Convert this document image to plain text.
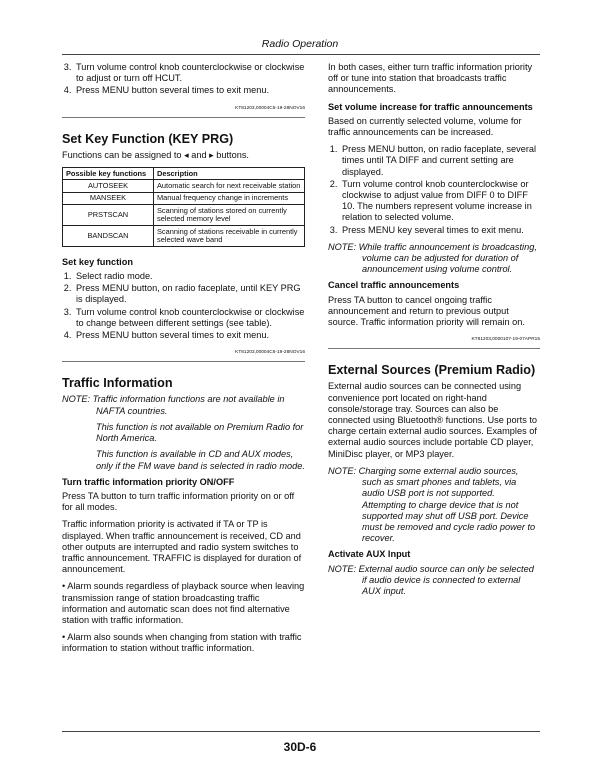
Radio Operation
3. Turn volume control knob counterclockwise or clockwise to adjust or turn off HCUT.
4. Press MENU button several times to exit menu.
KT81203,00004C5-19-28NOV16
Set Key Function (KEY PRG)

Functions can be assigned to ◂ and ▸ buttons.

Possible key functions	Description
AUTOSEEK	Automatic search for next receivable station
MANSEEK	Manual frequency change in increments
PRSTSCAN	Scanning of stations stored on currently selected memory level
BANDSCAN	Scanning of stations receivable in currently selected wave band
Set key function
1. Select radio mode.
2. Press MENU button, on radio faceplate, until KEY PRG is displayed.
3. Turn volume control knob counterclockwise or clockwise to change between different settings (see table).
4. Press MENU button several times to exit menu.
KT81203,00004C6-19-28NOV16
Traffic Information

NOTE: Traffic information functions are not available in NAFTA countries.

This function is not available on Premium Radio for North America.

This function is available in CD and AUX modes, only if the FM wave band is selected in radio mode.

Turn traffic information priority ON/OFF

Press TA button to turn traffic information priority on or off for all modes.

Traffic information priority is activated if TA or TP is displayed. When traffic announcement is received, CD and other outputs are interrupted and radio system switches to traffic announcement. TRAFFIC is displayed for duration of announcement.

• Alarm sounds regardless of playback source when leaving transmission range of station broadcasting traffic information and automatic scan does not find alternative station with traffic information.

• Alarm also sounds when changing from station with traffic information to station without traffic information.

In both cases, either turn traffic information priority off or tune into station that broadcasts traffic announcements.

Set volume increase for traffic announcements

Based on currently selected volume, volume for traffic announcements can be increased.

1. Press MENU button, on radio faceplate, several times until TA DIFF and current setting are displayed.
2. Turn volume control knob counterclockwise or clockwise to adjust value from DIFF 0 to DIFF 10. The numbers represent volume increase in relation to selected volume.
3. Press MENU key several times to exit menu.

NOTE: While traffic announcement is broadcasting, volume can be adjusted for duration of announcement using volume control.

Cancel traffic announcements

Press TA button to cancel ongoing traffic announcement and return to previous output source. Traffic information priority will remain on.

KT81203,0000107-19-07APR15
External Sources (Premium Radio)

External audio sources can be connected using convenience port located on right-hand console/storage tray. Sources can also be connected using Bluetooth® functions. Use ports to charge certain external audio sources. Examples of external audio sources include portable CD player, MiniDisc player, or MP3 player.

NOTE: Charging some external audio sources, such as smart phones and tablets, via audio USB port is not supported. Attempting to charge device that is not supported may shut off USB port. Device must be removed and cycle radio power to recover.

Activate AUX Input

NOTE: External audio source can only be selected if audio device is connected to external AUX input.

30D-6
